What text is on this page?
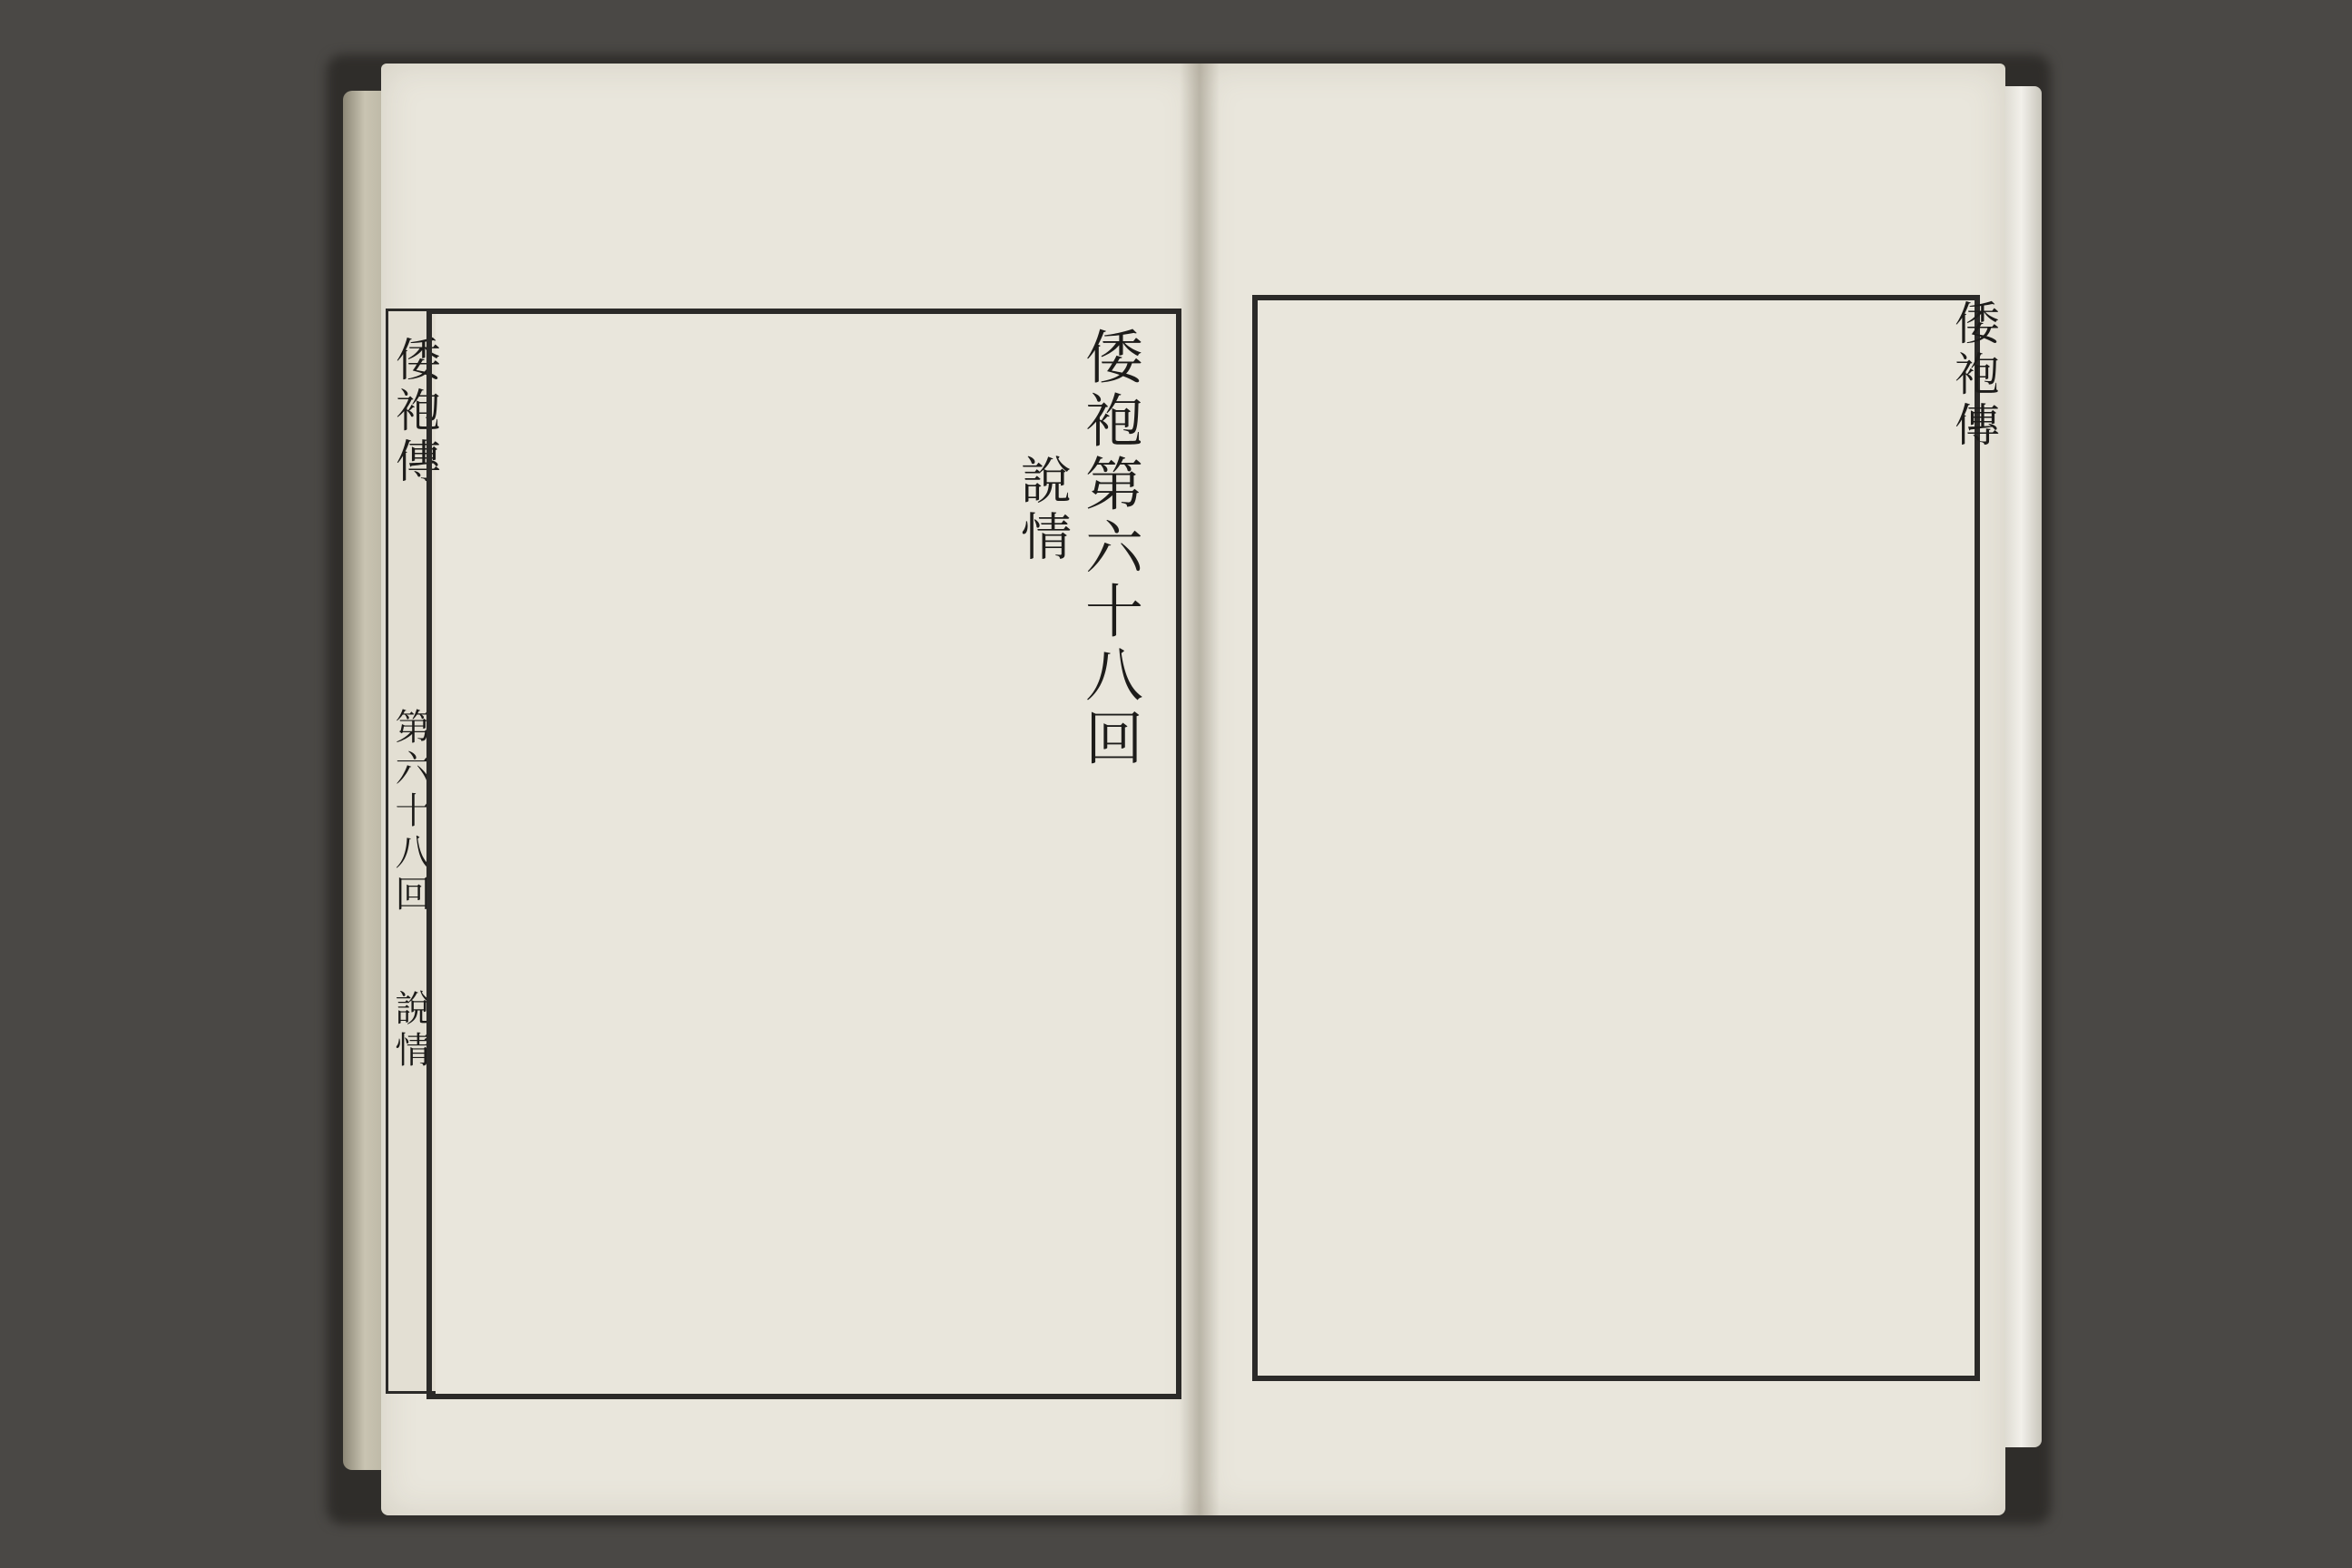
倭袍傳
第六十八回
說情
倭袍第六十八回
說情
倭袍傳
